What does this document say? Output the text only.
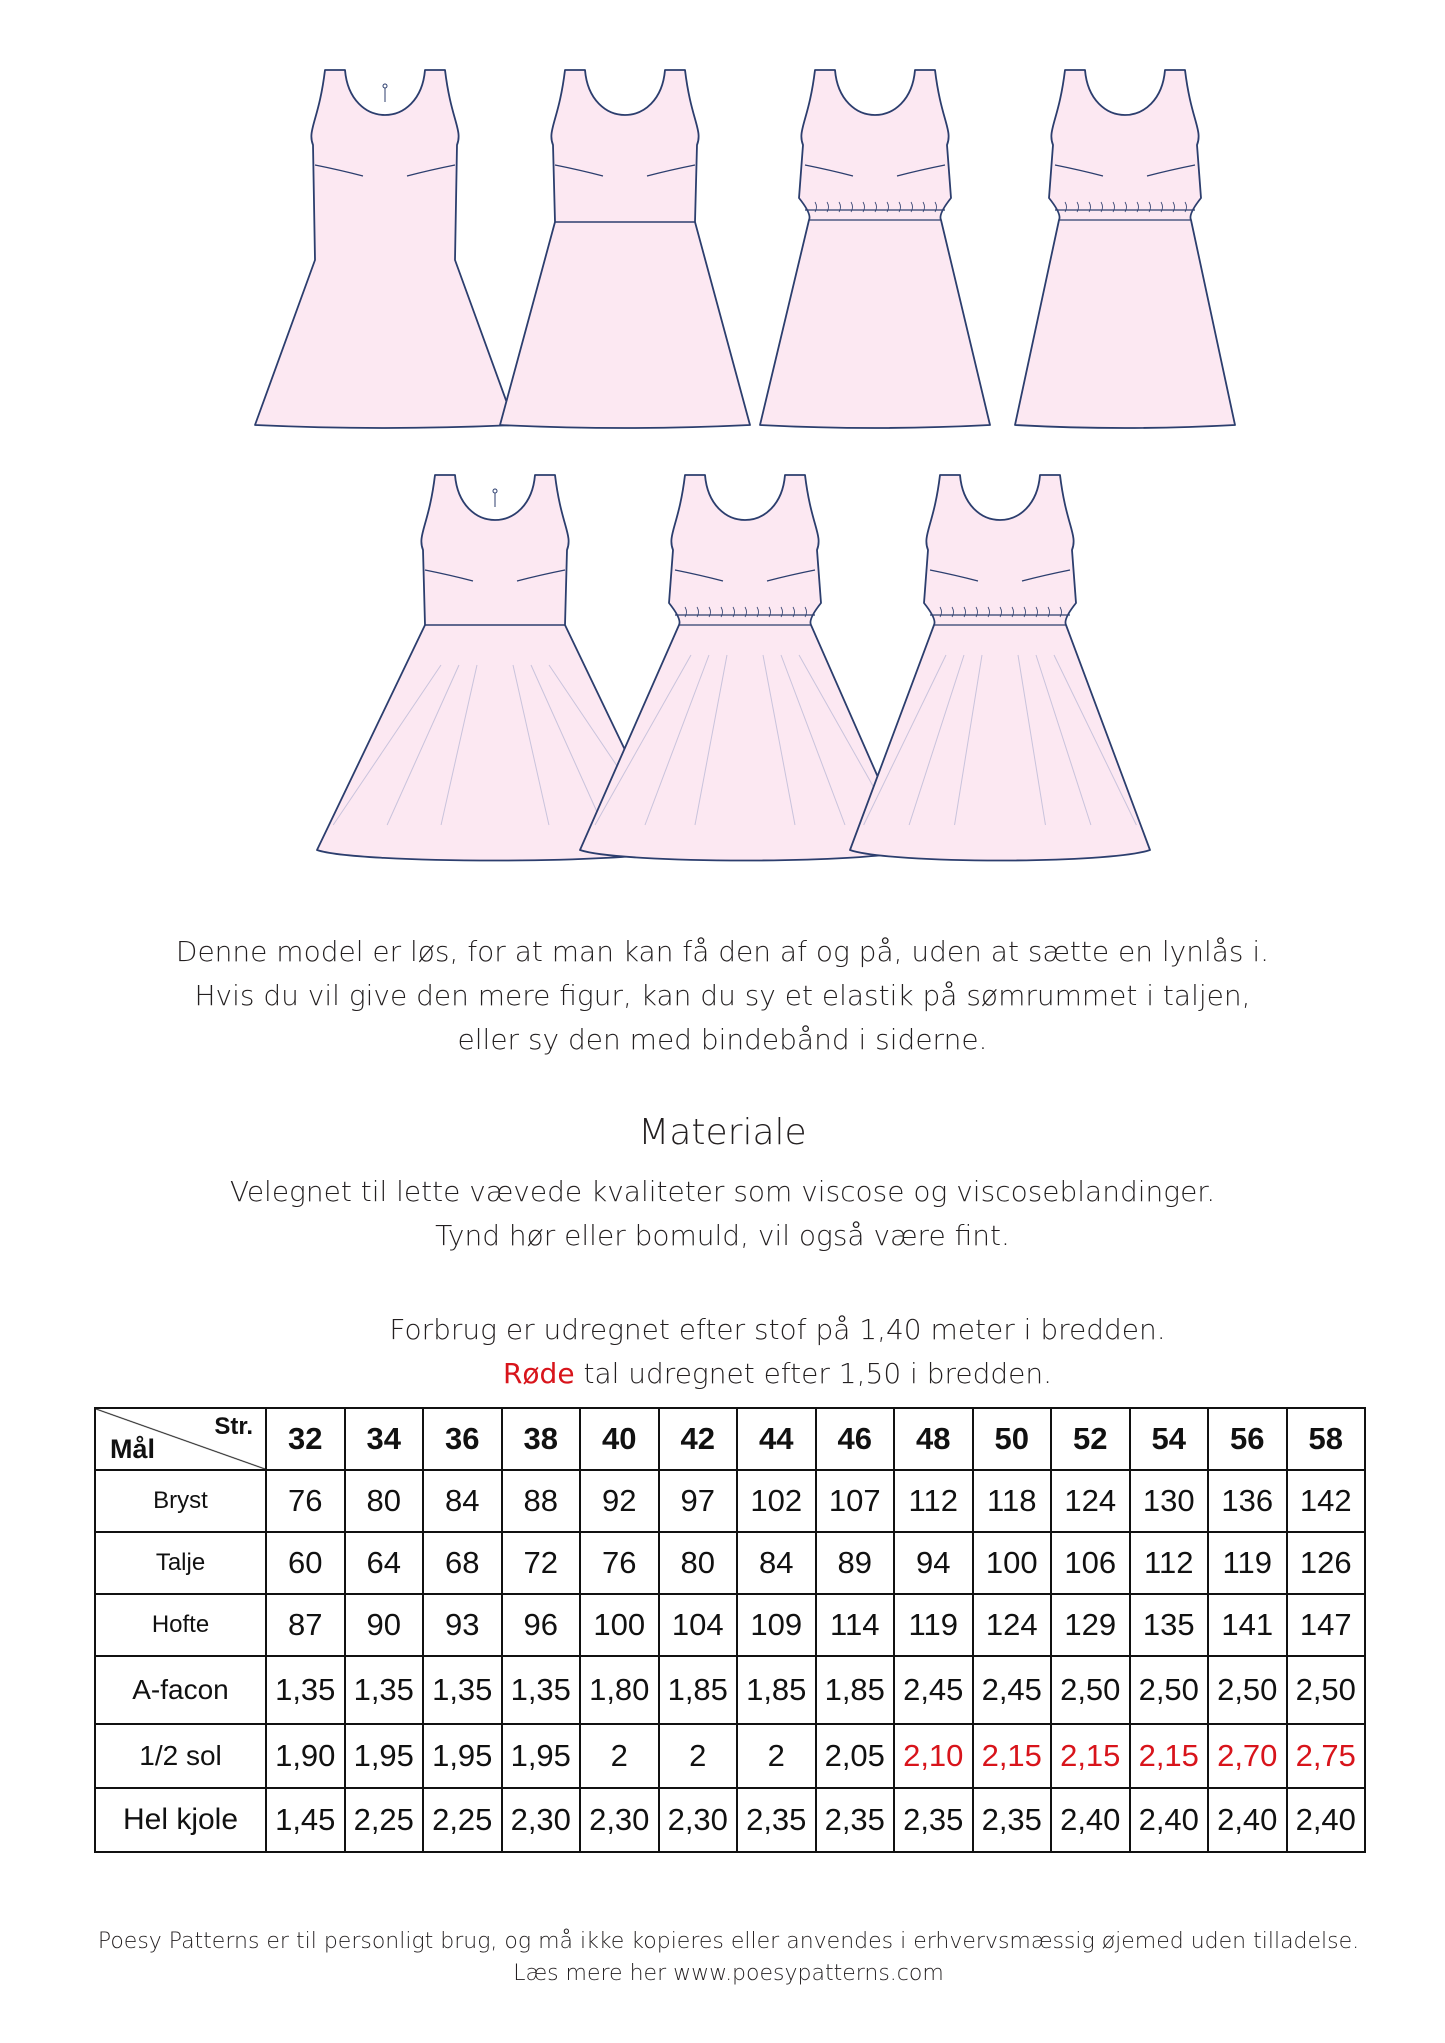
Denne model er løs, for at man kan få den af og på, uden at sætte en lynlås i.
Hvis du vil give den mere figur, kan du sy et elastik på sømrummet i taljen,
eller sy den med bindebånd i siderne.
Materiale
Velegnet til lette vævede kvaliteter som viscose og viscoseblandinger.
Tynd hør eller bomuld, vil også være fint.
Forbrug er udregnet efter stof på 1,40 meter i bredden.
Røde tal udregnet efter 1,50 i bredden.
Str.
Mål	32	34	36	38	40	42	44	46	48	50	52	54	56	58
Bryst	76	80	84	88	92	97	102	107	112	118	124	130	136	142
Talje	60	64	68	72	76	80	84	89	94	100	106	112	119	126
Hofte	87	90	93	96	100	104	109	114	119	124	129	135	141	147
A-facon	1,35	1,35	1,35	1,35	1,80	1,85	1,85	1,85	2,45	2,45	2,50	2,50	2,50	2,50
1/2 sol	1,90	1,95	1,95	1,95	2	2	2	2,05	2,10	2,15	2,15	2,15	2,70	2,75
Hel kjole	1,45	2,25	2,25	2,30	2,30	2,30	2,35	2,35	2,35	2,35	2,40	2,40	2,40	2,40
Poesy Patterns er til personligt brug, og må ikke kopieres eller anvendes i erhvervsmæssig øjemed uden tilladelse.
Læs mere her www.poesypatterns.com
